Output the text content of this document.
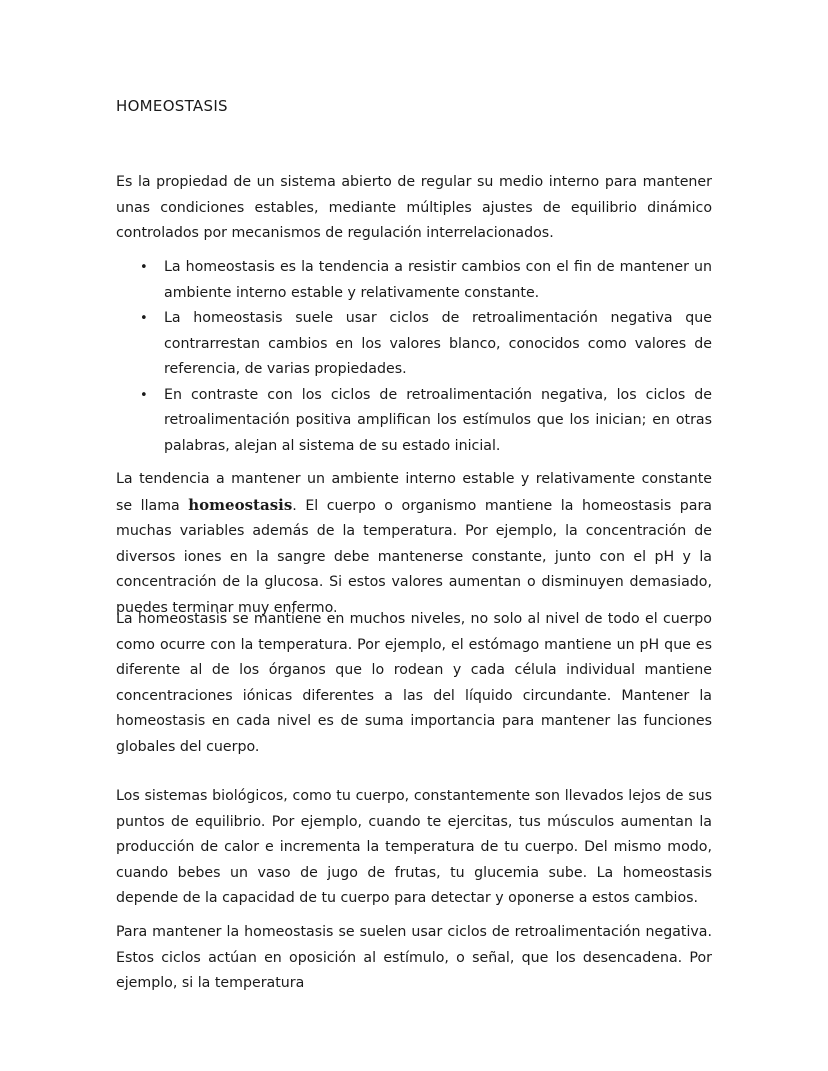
HOMEOSTASIS

Es la propiedad de un sistema abierto de regular su medio interno para mantener unas condiciones estables, mediante múltiples ajustes de equilibrio dinámico controlados por mecanismos de regulación interrelacionados.

• La homeostasis es la tendencia a resistir cambios con el fin de mantener un ambiente interno estable y relativamente constante.
• La homeostasis suele usar ciclos de retroalimentación negativa que contrarrestan cambios en los valores blanco, conocidos como valores de referencia, de varias propiedades.
• En contraste con los ciclos de retroalimentación negativa, los ciclos de retroalimentación positiva amplifican los estímulos que los inician; en otras palabras, alejan al sistema de su estado inicial.

La tendencia a mantener un ambiente interno estable y relativamente constante se llama homeostasis. El cuerpo o organismo mantiene la homeostasis para muchas variables además de la temperatura. Por ejemplo, la concentración de diversos iones en la sangre debe mantenerse constante, junto con el pH y la concentración de la glucosa. Si estos valores aumentan o disminuyen demasiado, puedes terminar muy enfermo.

La homeostasis se mantiene en muchos niveles, no solo al nivel de todo el cuerpo como ocurre con la temperatura. Por ejemplo, el estómago mantiene un pH que es diferente al de los órganos que lo rodean y cada célula individual mantiene concentraciones iónicas diferentes a las del líquido circundante. Mantener la homeostasis en cada nivel es de suma importancia para mantener las funciones globales del cuerpo.

Los sistemas biológicos, como tu cuerpo, constantemente son llevados lejos de sus puntos de equilibrio. Por ejemplo, cuando te ejercitas, tus músculos aumentan la producción de calor e incrementa la temperatura de tu cuerpo. Del mismo modo, cuando bebes un vaso de jugo de frutas, tu glucemia sube. La homeostasis depende de la capacidad de tu cuerpo para detectar y oponerse a estos cambios.

Para mantener la homeostasis se suelen usar ciclos de retroalimentación negativa. Estos ciclos actúan en oposición al estímulo, o señal, que los desencadena. Por ejemplo, si la temperatura
